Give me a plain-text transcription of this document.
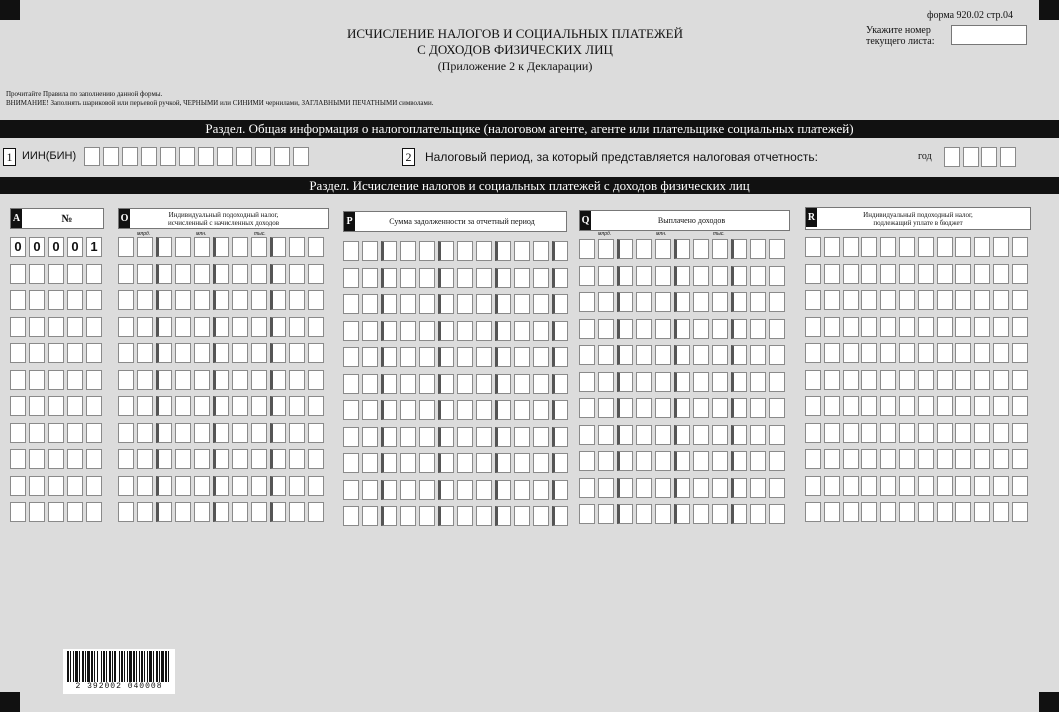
форма 920.02 стр.04
ИСЧИСЛЕНИЕ НАЛОГОВ И СОЦИАЛЬНЫХ ПЛАТЕЖЕЙ
С ДОХОДОВ ФИЗИЧЕСКИХ ЛИЦ
(Приложение 2 к Декларации)
Укажите номер
текущего листа:
Прочитайте Правила по заполнению данной формы.
ВНИМАНИЕ! Заполнять шариковой или перьевой ручкой, ЧЕРНЫМИ или СИНИМИ чернилами, ЗАГЛАВНЫМИ ПЕЧАТНЫМИ символами.
Раздел. Общая информация о налогоплательщике (налоговом агенте, агенте или плательщике социальных платежей)
1 ИИН(БИН)	2 Налоговый период, за который представляется налоговая отчетность:	год
Раздел. Исчисление налогов и социальных платежей с доходов физических лиц
A	№	O	Индивидуальный подоходный налог, исчисленный с начисленных доходов	P	Сумма задолженности за отчетный период	Q	Выплачено доходов	R	Индивидуальный подоходный налог, подлежащий уплате в бюджет
млрд.	млн.	тыс.	млрд.	млн.	тыс.
0 0 0 0 1
2 392002 040008
